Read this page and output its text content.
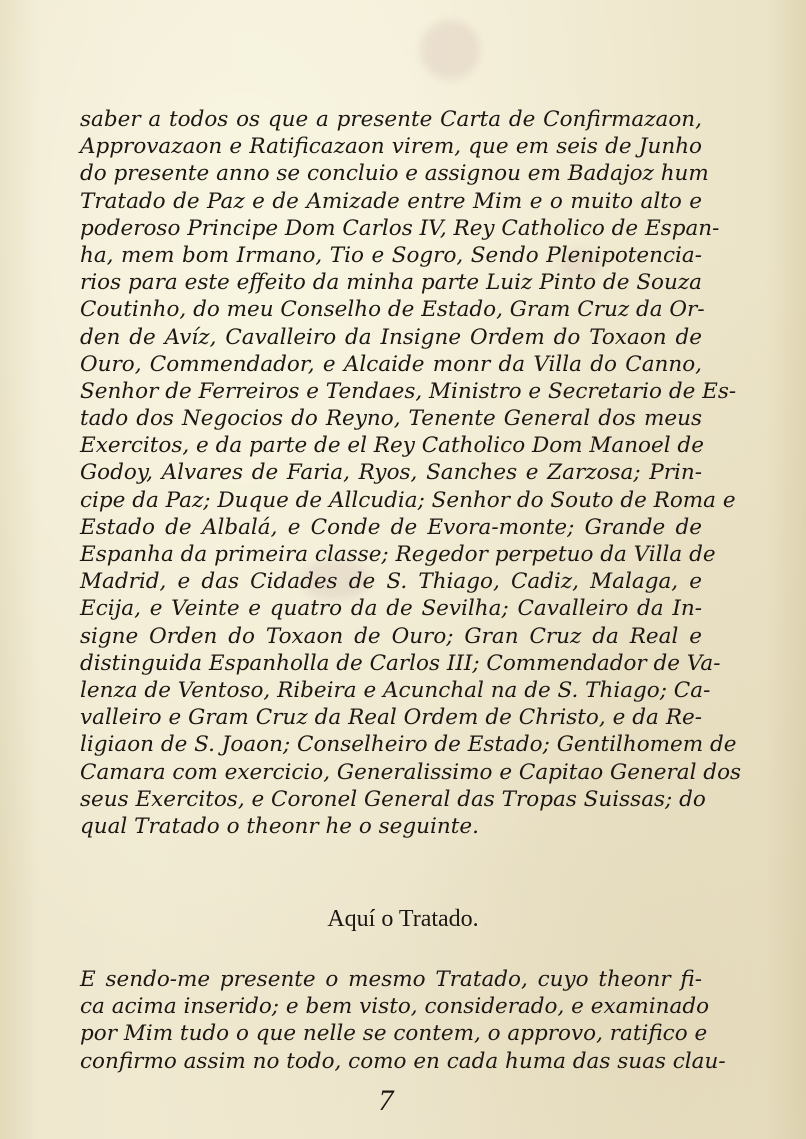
saber a todos os que a presente Carta de Confirmazaon,
Approvazaon e Ratificazaon virem, que em seis de Junho
do presente anno se concluio e assignou em Badajoz hum
Tratado de Paz e de Amizade entre Mim e o muito alto e
poderoso Principe Dom Carlos IV, Rey Catholico de Espan-
ha, mem bom Irmano, Tio e Sogro, Sendo Plenipotencia-
rios para este effeito da minha parte Luiz Pinto de Souza
Coutinho, do meu Conselho de Estado, Gram Cruz da Or-
den de Avíz, Cavalleiro da Insigne Ordem do Toxaon de
Ouro, Commendador, e Alcaide monr da Villa do Canno,
Senhor de Ferreiros e Tendaes, Ministro e Secretario de Es-
tado dos Negocios do Reyno, Tenente General dos meus
Exercitos, e da parte de el Rey Catholico Dom Manoel de
Godoy, Alvares de Faria, Ryos, Sanches e Zarzosa; Prin-
cipe da Paz; Duque de Allcudia; Senhor do Souto de Roma e
Estado de Albalá, e Conde de Evora-monte; Grande de
Espanha da primeira classe; Regedor perpetuo da Villa de
Madrid, e das Cidades de S. Thiago, Cadiz, Malaga, e
Ecija, e Veinte e quatro da de Sevilha; Cavalleiro da In-
signe Orden do Toxaon de Ouro; Gran Cruz da Real e
distinguida Espanholla de Carlos III; Commendador de Va-
lenza de Ventoso, Ribeira e Acunchal na de S. Thiago; Ca-
valleiro e Gram Cruz da Real Ordem de Christo, e da Re-
ligiaon de S. Joaon; Conselheiro de Estado; Gentilhomem de
Camara com exercicio, Generalissimo e Capitao General dos
seus Exercitos, e Coronel General das Tropas Suissas; do
qual Tratado o theonr he o seguinte.
Aquí o Tratado.
E sendo-me presente o mesmo Tratado, cuyo theonr fi-
ca acima inserido; e bem visto, considerado, e examinado
por Mim tudo o que nelle se contem, o approvo, ratifico e
confirmo assim no todo, como en cada huma das suas clau-
7
